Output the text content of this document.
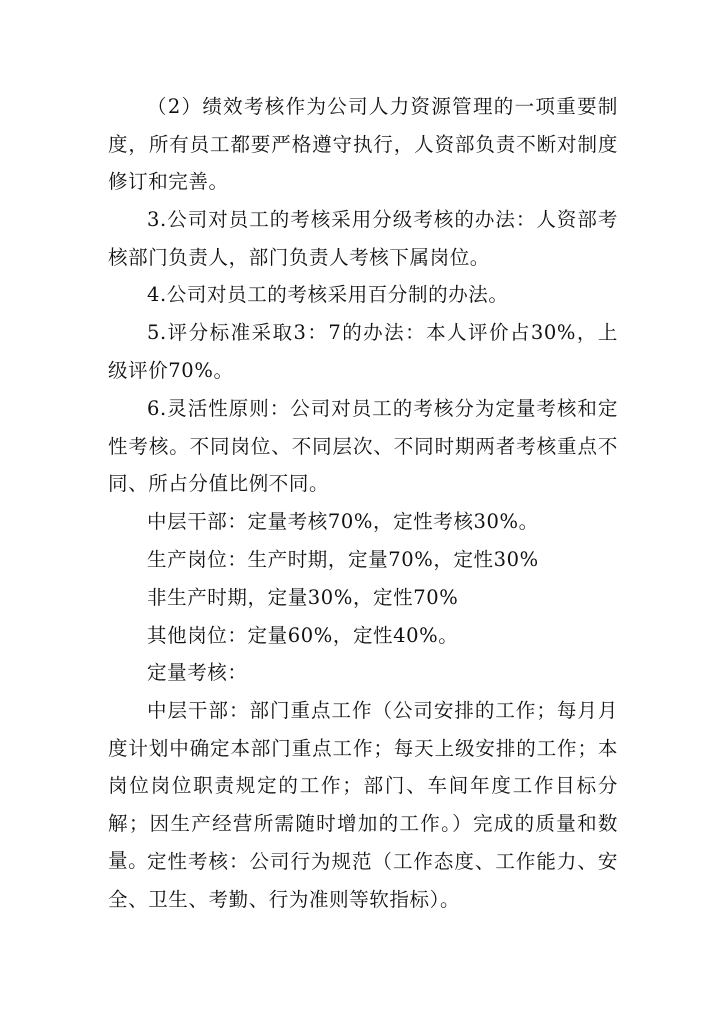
（2）绩效考核作为公司人力资源管理的一项重要制度，所有员工都要严格遵守执行，人资部负责不断对制度修订和完善。

3.公司对员工的考核采用分级考核的办法：人资部考核部门负责人，部门负责人考核下属岗位。

4.公司对员工的考核采用百分制的办法。

5.评分标准采取3：7的办法：本人评价占30%，上级评价70%。

6.灵活性原则：公司对员工的考核分为定量考核和定性考核。不同岗位、不同层次、不同时期两者考核重点不同、所占分值比例不同。

中层干部：定量考核70%，定性考核30%。

生产岗位：生产时期，定量70%，定性30%

非生产时期，定量30%，定性70%

其他岗位：定量60%，定性40%。

定量考核：

中层干部：部门重点工作（公司安排的工作；每月月度计划中确定本部门重点工作；每天上级安排的工作；本岗位岗位职责规定的工作；部门、车间年度工作目标分解；因生产经营所需随时增加的工作。）完成的质量和数量。

定性考核：公司行为规范（工作态度、工作能力、安全、卫生、考勤、行为准则等软指标）。
